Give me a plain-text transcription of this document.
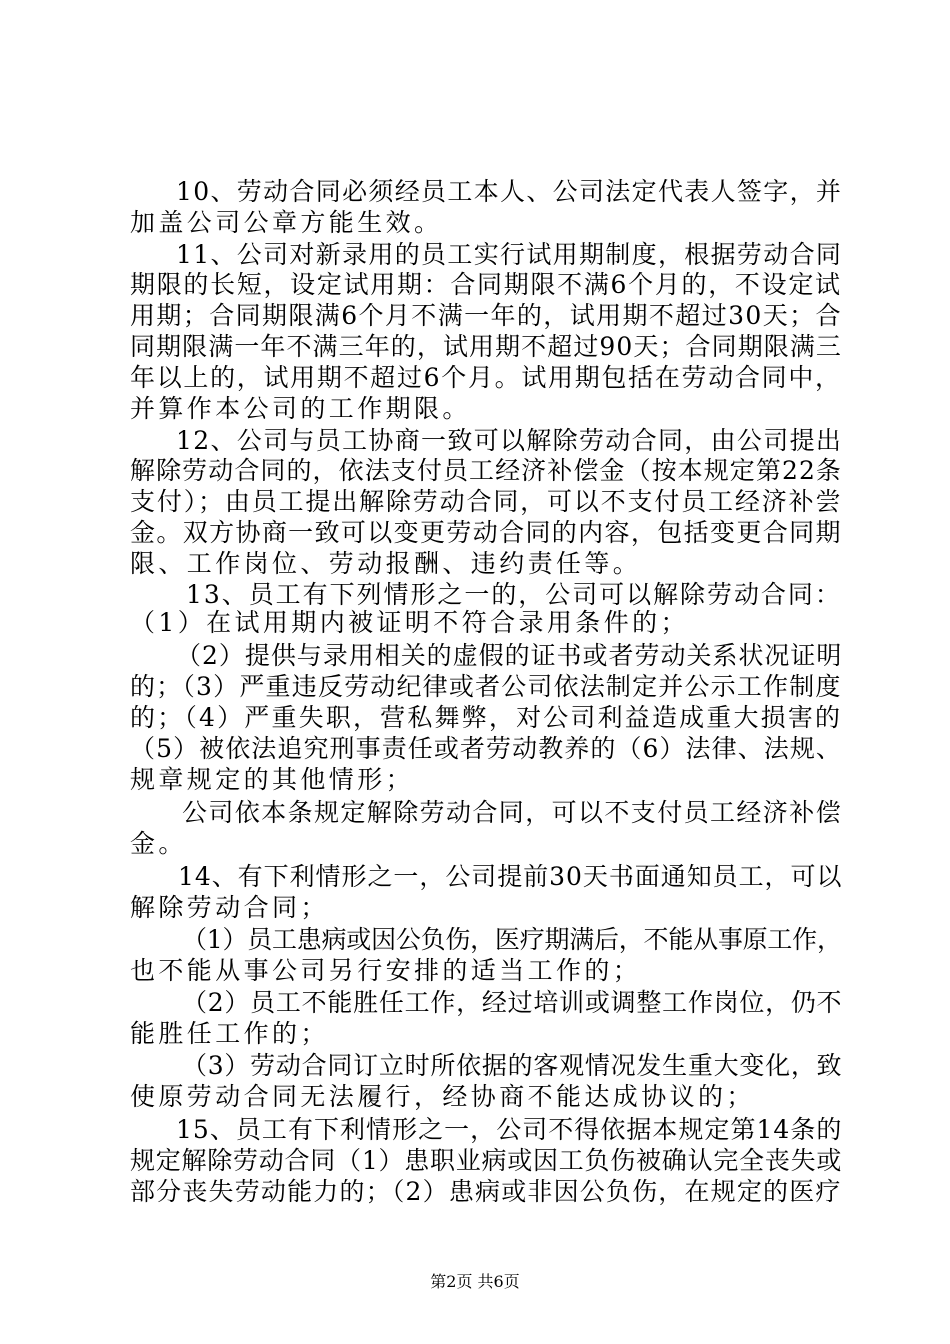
10、劳动合同必须经员工本人、公司法定代表人签字，并
加盖公司公章方能生效。
11、公司对新录用的员工实行试用期制度，根据劳动合同
期限的长短，设定试用期：合同期限不满6个月的，不设定试
用期；合同期限满6个月不满一年的，试用期不超过30天；合
同期限满一年不满三年的，试用期不超过90天；合同期限满三
年以上的，试用期不超过6个月。试用期包括在劳动合同中，
并算作本公司的工作期限。
12、公司与员工协商一致可以解除劳动合同，由公司提出
解除劳动合同的，依法支付员工经济补偿金（按本规定第22条
支付）；由员工提出解除劳动合同，可以不支付员工经济补尝
金。双方协商一致可以变更劳动合同的内容，包括变更合同期
限、工作岗位、劳动报酬、违约责任等。
13、员工有下列情形之一的，公司可以解除劳动合同：
（1）在试用期内被证明不符合录用条件的；
（2）提供与录用相关的虚假的证书或者劳动关系状况证明
的；（3）严重违反劳动纪律或者公司依法制定并公示工作制度
的；（4）严重失职，营私舞弊，对公司利益造成重大损害的
（5）被依法追究刑事责任或者劳动教养的（6）法律、法规、
规章规定的其他情形；
公司依本条规定解除劳动合同，可以不支付员工经济补偿
金。
14、有下利情形之一，公司提前30天书面通知员工，可以
解除劳动合同；
（1）员工患病或因公负伤，医疗期满后，不能从事原工作，
也不能从事公司另行安排的适当工作的；
（2）员工不能胜任工作，经过培训或调整工作岗位，仍不
能胜任工作的；
（3）劳动合同订立时所依据的客观情况发生重大变化，致
使原劳动合同无法履行，经协商不能达成协议的；
15、员工有下利情形之一，公司不得依据本规定第14条的
规定解除劳动合同（1）患职业病或因工负伤被确认完全丧失或
部分丧失劳动能力的；（2）患病或非因公负伤，在规定的医疗
第2页 共6页
